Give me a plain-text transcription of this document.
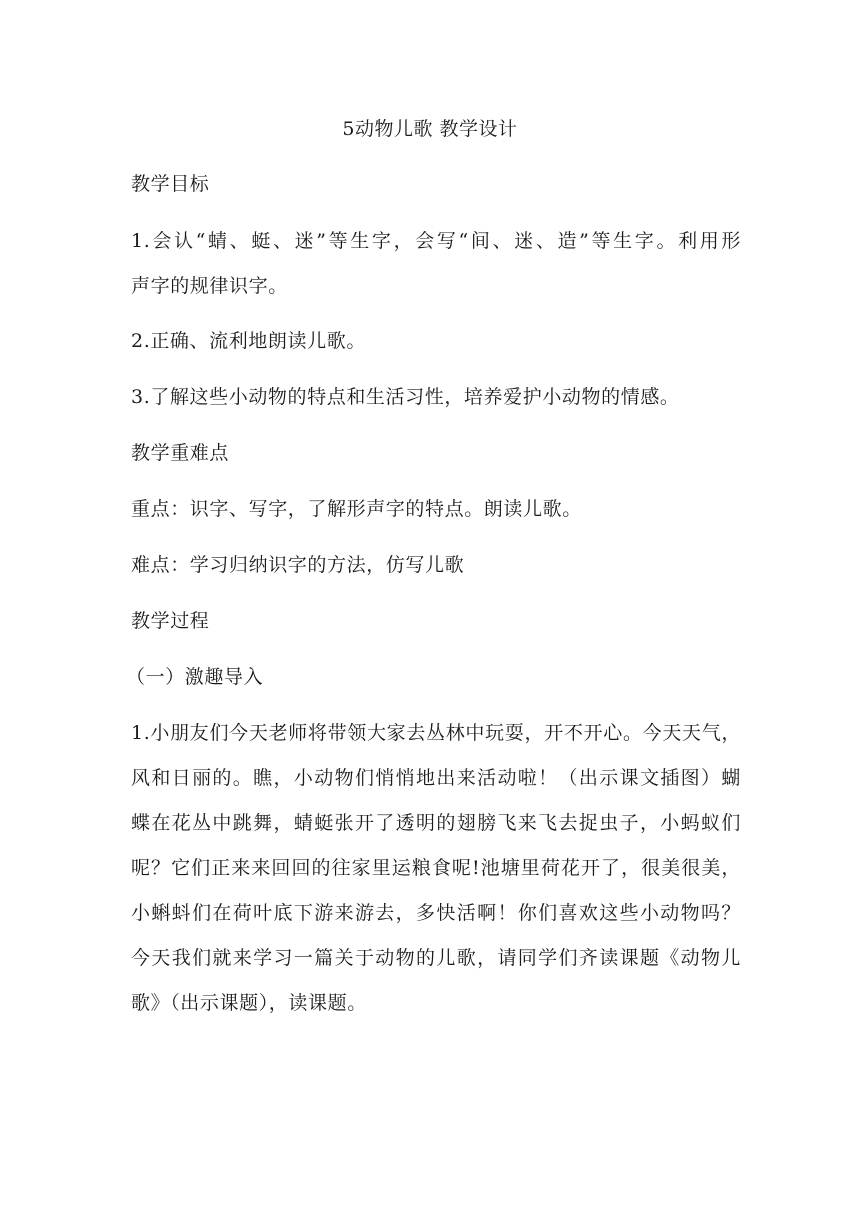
5动物儿歌 教学设计
教学目标
1.会认“蜻、蜓、迷”等生字，会写“间、迷、造”等生字。利用形
声字的规律识字。
2.正确、流利地朗读儿歌。
3.了解这些小动物的特点和生活习性，培养爱护小动物的情感。
教学重难点
重点：识字、写字，了解形声字的特点。朗读儿歌。
难点：学习归纳识字的方法，仿写儿歌
教学过程
（一）激趣导入
1.小朋友们今天老师将带领大家去丛林中玩耍，开不开心。今天天气，
风和日丽的。瞧，小动物们悄悄地出来活动啦！（出示课文插图）蝴
蝶在花丛中跳舞，蜻蜓张开了透明的翅膀飞来飞去捉虫子，小蚂蚁们
呢？它们正来来回回的往家里运粮食呢!池塘里荷花开了，很美很美，
小蝌蚪们在荷叶底下游来游去，多快活啊！你们喜欢这些小动物吗？
今天我们就来学习一篇关于动物的儿歌，请同学们齐读课题《动物儿
歌》（出示课题），读课题。
